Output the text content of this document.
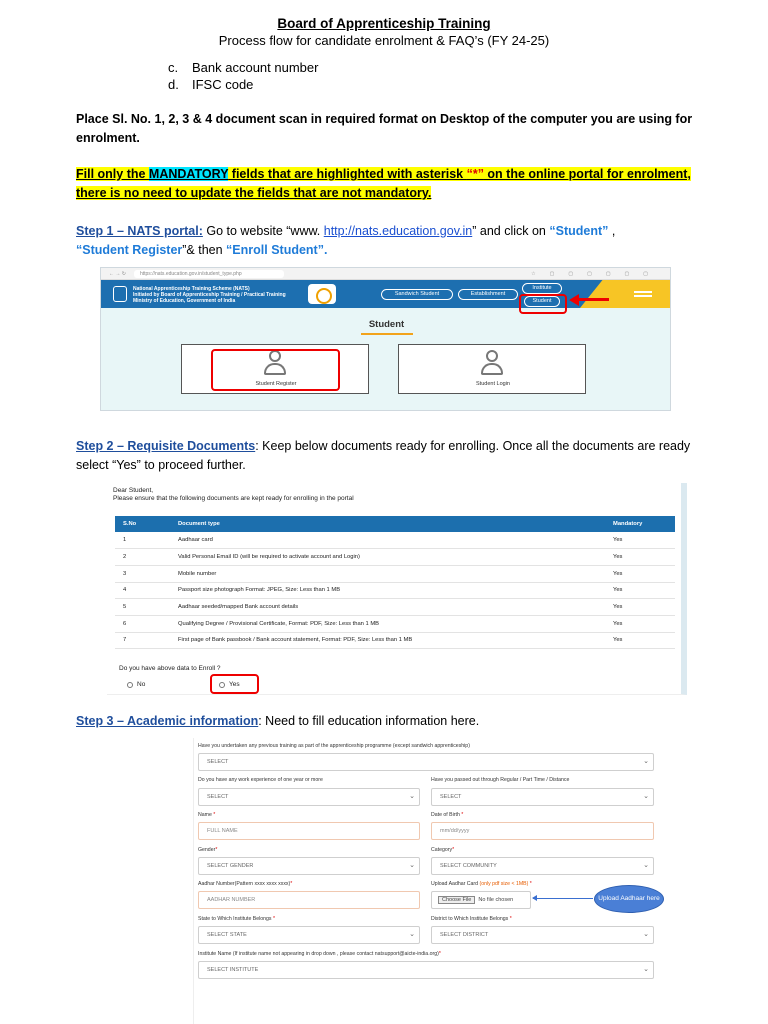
Board of Apprenticeship Training
Process flow for candidate enrolment & FAQ’s (FY 24-25)
c.	Bank account number
d.	IFSC code
Place Sl. No. 1, 2, 3 & 4 document scan in required format on Desktop of the computer you are using for enrolment.
Fill only the MANDATORY fields that are highlighted with asterisk “*” on the online portal for enrolment, there is no need to update the fields that are not mandatory.
Step 1 – NATS portal: Go to website “www. http://nats.education.gov.in” and click on “Student” ,
“Student Register”& then “Enroll Student”.
← → ↻	https://nats.education.gov.in/student_type.php	☆▢▢▢▢▢▢
National Apprenticeship Training Scheme (NATS)
Initiated by Board of Apprenticeship Training / Practical Training
Ministry of Education, Government of India
Sandwich Student	Establishment
Institute
Student
Student
Student Register	Student Login
Step 2 – Requisite Documents: Keep below documents ready for enrolling. Once all the documents are ready select “Yes” to proceed further.
Dear Student,
Please ensure that the following documents are kept ready for enrolling in the portal
S.No	Document type	Mandatory
1	Aadhaar card	Yes
2	Valid Personal Email ID (will be required to activate account and Login)	Yes
3	Mobile number	Yes
4	Passport size photograph Format: JPEG, Size: Less than 1 MB	Yes
5	Aadhaar seeded/mapped Bank account details	Yes
6	Qualifying Degree / Provisional Certificate, Format: PDF, Size: Less than 1 MB	Yes
7	First page of Bank passbook / Bank account statement, Format: PDF, Size: Less than 1 MB	Yes
Do you have above data to Enroll ?
No	Yes
Step 3 – Academic information: Need to fill education information here.
Have you undertaken any previous training as part of the apprenticeship programme (except sandwich apprenticeship)
SELECT	⌄
Do you have any work experience of one year or more	Have you passed out through Regular / Part Time / Distance
SELECT	⌄	SELECT	⌄
Name *	Date of Birth *
FULL NAME	mm/dd/yyyy
Gender*	Category*
SELECT GENDER	⌄	SELECT COMMUNITY	⌄
Aadhar Number(Pattern xxxx xxxx xxxx)*	Upload Aadhar Card (only pdf size < 1MB) *
AADHAR NUMBER	Choose File No file chosen	Upload Aadhaar here
State to Which Institute Belongs *	District to Which Institute Belongs *
SELECT STATE	⌄	SELECT DISTRICT	⌄
Institute Name (If institute name not appearing in drop down , please contact natsupport@aicte-india.org)*
SELECT INSTITUTE	⌄
